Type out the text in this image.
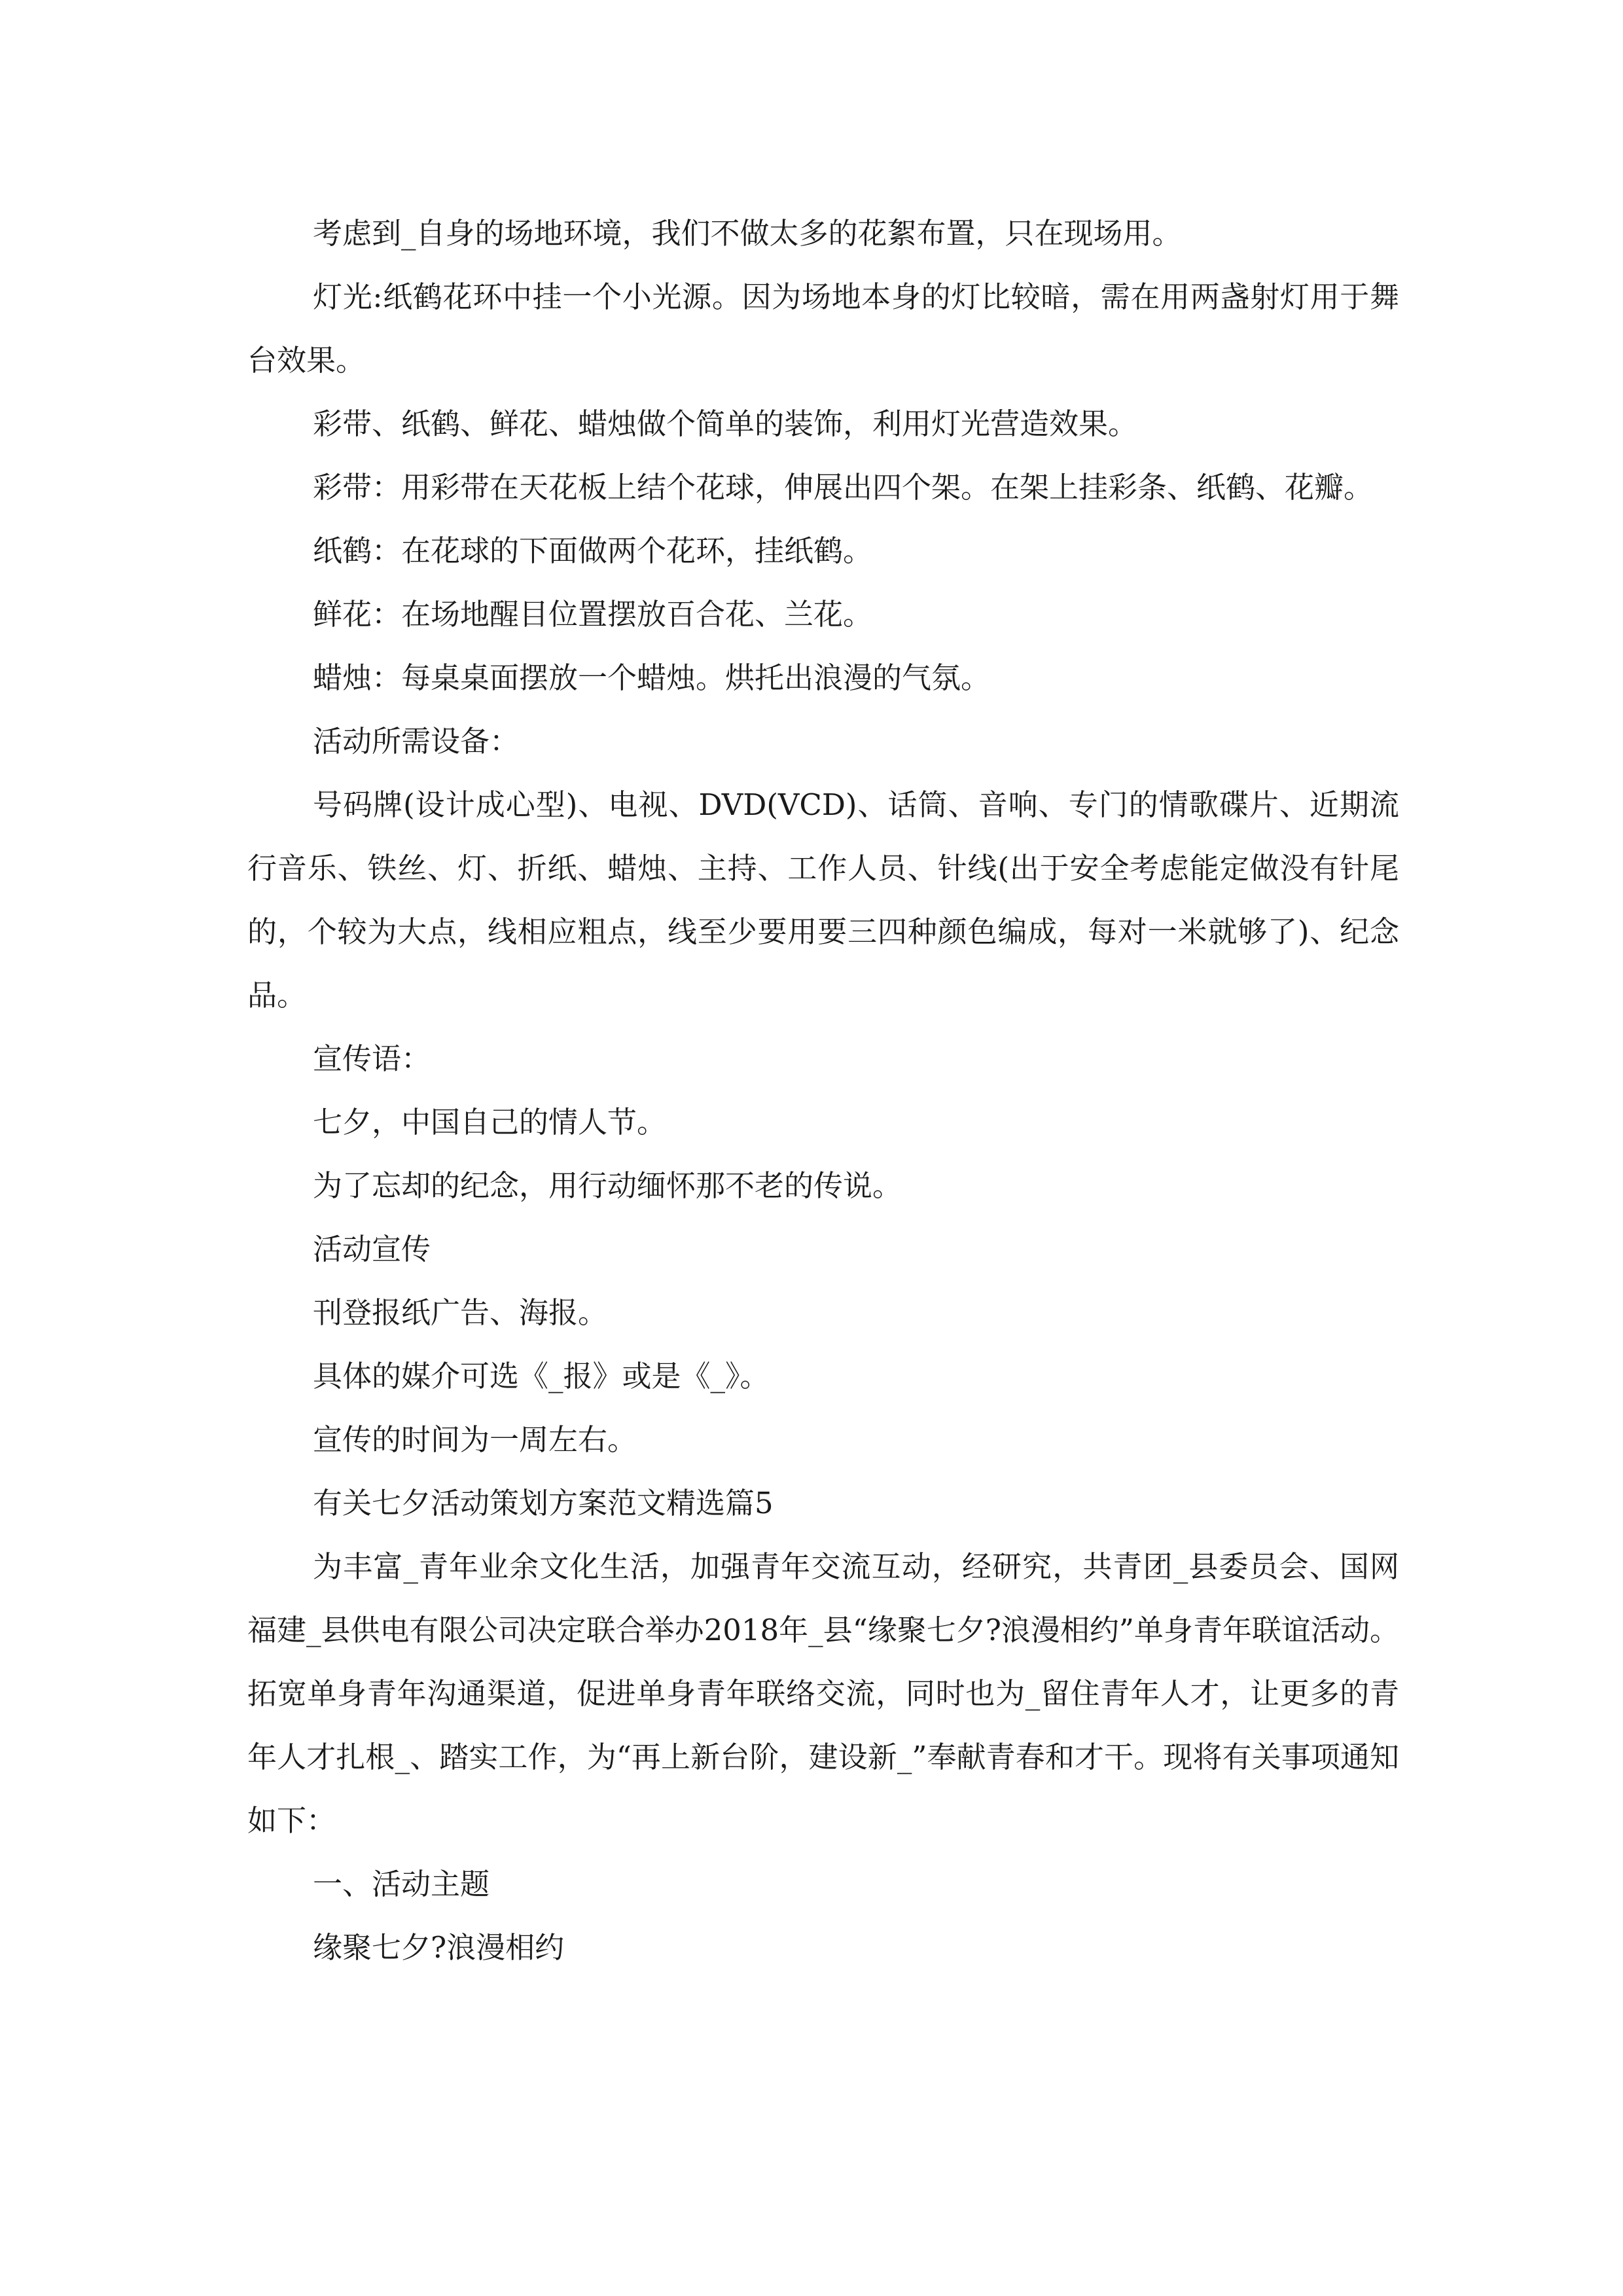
考虑到_自身的场地环境，我们不做太多的花絮布置，只在现场用。

灯光:纸鹤花环中挂一个小光源。因为场地本身的灯比较暗，需在用两盏射灯用于舞台效果。

彩带、纸鹤、鲜花、蜡烛做个简单的装饰，利用灯光营造效果。

彩带：用彩带在天花板上结个花球，伸展出四个架。在架上挂彩条、纸鹤、花瓣。

纸鹤：在花球的下面做两个花环，挂纸鹤。

鲜花：在场地醒目位置摆放百合花、兰花。

蜡烛：每桌桌面摆放一个蜡烛。烘托出浪漫的气氛。

活动所需设备：

号码牌(设计成心型)、电视、DVD(VCD)、话筒、音响、专门的情歌碟片、近期流行音乐、铁丝、灯、折纸、蜡烛、主持、工作人员、针线(出于安全考虑能定做没有针尾的，个较为大点，线相应粗点，线至少要用要三四种颜色编成，每对一米就够了)、纪念品。

宣传语：

七夕，中国自己的情人节。

为了忘却的纪念，用行动缅怀那不老的传说。

活动宣传

刊登报纸广告、海报。

具体的媒介可选《_报》或是《_》。

宣传的时间为一周左右。

有关七夕活动策划方案范文精选篇5

为丰富_青年业余文化生活，加强青年交流互动，经研究，共青团_县委员会、国网福建_县供电有限公司决定联合举办2018年_县“缘聚七夕?浪漫相约”单身青年联谊活动。拓宽单身青年沟通渠道，促进单身青年联络交流，同时也为_留住青年人才，让更多的青年人才扎根_、踏实工作，为“再上新台阶，建设新_”奉献青春和才干。现将有关事项通知如下：

一、活动主题

缘聚七夕?浪漫相约
